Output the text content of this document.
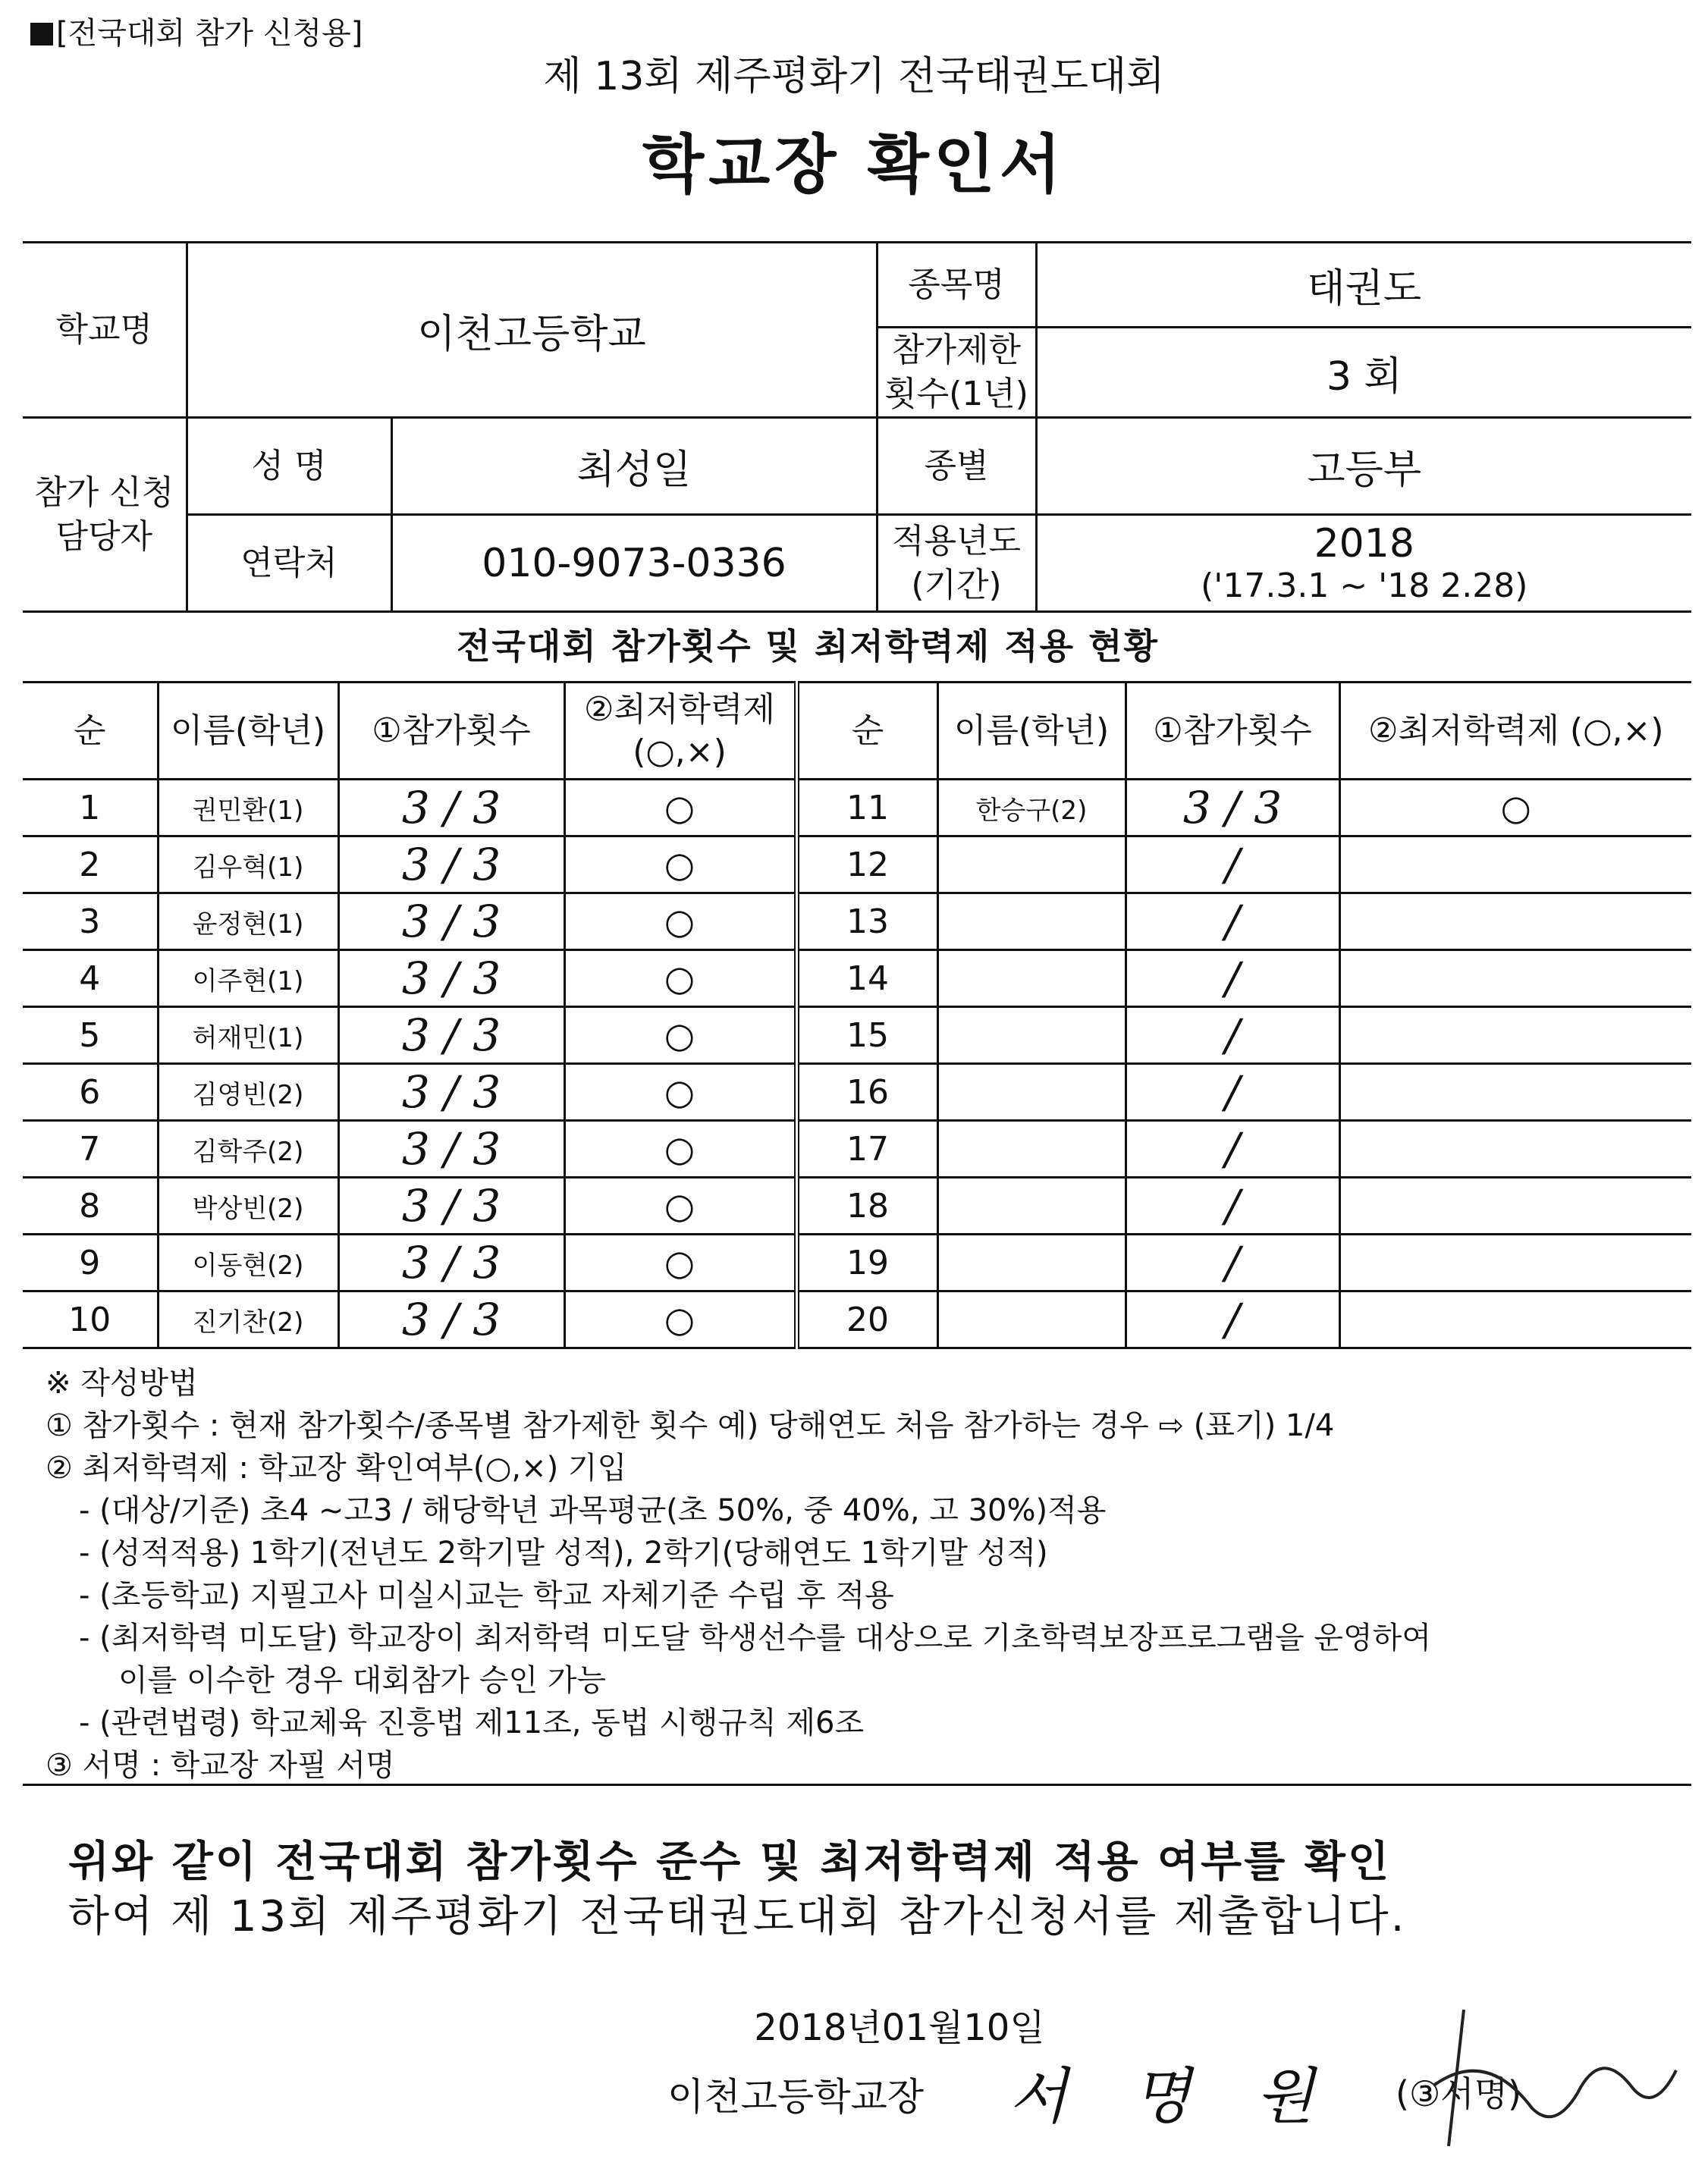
[전국대회 참가 신청용]
제 13회 제주평화기 전국태권도대회
학교장 확인서
학교명	이천고등학교		종목명	태권도
			참가제한 횟수(1년)	3 회
참가 신청 담당자	성 명	최성일	종별	고등부
	연락처	010-9073-0336	적용년도 (기간)	2018
('17.3.1 ~ '18 2.28)
전국대회 참가횟수 및 최저학력제 적용 현황
순	이름(학년)	①참가횟수	②최저학력제 (○,×)	순	이름(학년)	①참가횟수	②최저학력제 (○,×)
1	권민환(1)	3 / 3	○	11	한승구(2)	3 / 3	○
2	김우혁(1)	3 / 3	○	12		/	
3	윤정현(1)	3 / 3	○	13		/	
4	이주현(1)	3 / 3	○	14		/	
5	허재민(1)	3 / 3	○	15		/	
6	김영빈(2)	3 / 3	○	16		/	
7	김학주(2)	3 / 3	○	17		/	
8	박상빈(2)	3 / 3	○	18		/	
9	이동현(2)	3 / 3	○	19		/	
10	진기찬(2)	3 / 3	○	20		/	
※ 작성방법
① 참가횟수 : 현재 참가횟수/종목별 참가제한 횟수 예) 당해연도 처음 참가하는 경우 ⇨ (표기) 1/4
② 최저학력제 : 학교장 확인여부(○,×) 기입
- (대상/기준) 초4 ~고3 / 해당학년 과목평균(초 50%, 중 40%, 고 30%)적용
- (성적적용) 1학기(전년도 2학기말 성적), 2학기(당해연도 1학기말 성적)
- (초등학교) 지필고사 미실시교는 학교 자체기준 수립 후 적용
- (최저학력 미도달) 학교장이 최저학력 미도달 학생선수를 대상으로 기초학력보장프로그램을 운영하여
이를 이수한 경우 대회참가 승인 가능
- (관련법령) 학교체육 진흥법 제11조, 동법 시행규칙 제6조
③ 서명 : 학교장 자필 서명
위와 같이 전국대회 참가횟수 준수 및 최저학력제 적용 여부를 확인
하여 제 13회 제주평화기 전국태권도대회 참가신청서를 제출합니다.
2018년01월10일
이천고등학교장 서 명 원 (③서명)
